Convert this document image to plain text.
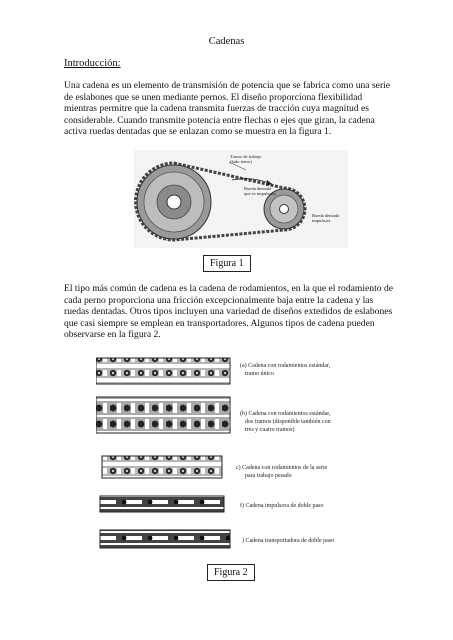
Cadenas
Introducción:

Una cadena es un elemento de transmisión de potencia que se fabrica como una serie de eslabones que se unen mediante pernos. El diseño proporciona flexibilidad mientras permitre que la cadena transmita fuerzas de tracción cuya magnitud es considerable. Cuando transmite potencia entre flechas o ejes que giran, la cadena activa ruedas dentadas que se enlazan como se muestra en la figura 1.

Tramo de trabajo
(lado tenso)
Rueda dentada
que es impulsada
Rueda dentada
impulsora
Figura 1

El tipo más común de cadena es la cadena de rodamientos, en la que el rodamiento de cada perno proporciona una fricción excepcionalmente baja entre la cadena y las ruedas dentadas. Otros tipos incluyen una variedad de diseños extedidos de eslabones que casi siempre se emplean en transportadores. Algunos tipos de cadena pueden observarse en la figura 2.

(a) Cadena con rodamientos estándar,
tramo único
(b) Cadena con rodamientos estándar,
dos tramos (disponible también con
tres y cuatro tramos)
c) Cadena con rodamientos de la serie
para trabajo pesado
f) Cadena impulsora de doble paso
) Cadena transportadora de doble paso
Figura 2
